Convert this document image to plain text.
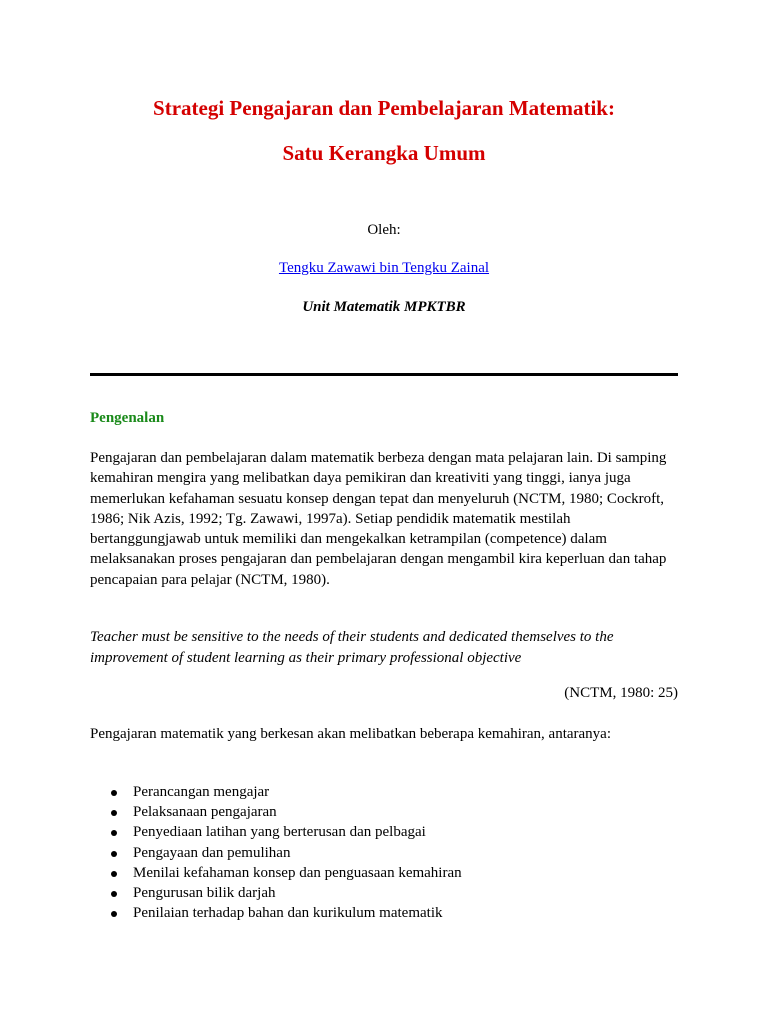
Strategi Pengajaran dan Pembelajaran Matematik:
Satu Kerangka Umum
Oleh:
Tengku Zawawi bin Tengku Zainal
Unit Matematik MPKTBR
Pengenalan
Pengajaran dan pembelajaran dalam matematik berbeza dengan mata pelajaran lain. Di samping kemahiran mengira yang melibatkan daya pemikiran dan kreativiti yang tinggi, ianya juga memerlukan kefahaman sesuatu konsep dengan tepat dan menyeluruh (NCTM, 1980; Cockroft, 1986; Nik Azis, 1992; Tg. Zawawi, 1997a). Setiap pendidik matematik mestilah bertanggungjawab untuk memiliki dan mengekalkan ketrampilan (competence) dalam melaksanakan proses pengajaran dan pembelajaran dengan mengambil kira keperluan dan tahap pencapaian para pelajar (NCTM, 1980).
Teacher must be sensitive to the needs of their students and dedicated themselves to the improvement of student learning as their primary professional objective
(NCTM, 1980: 25)
Pengajaran matematik yang berkesan akan melibatkan beberapa kemahiran, antaranya:
Perancangan mengajar
Pelaksanaan pengajaran
Penyediaan latihan yang berterusan dan pelbagai
Pengayaan dan pemulihan
Menilai kefahaman konsep dan penguasaan kemahiran
Pengurusan bilik darjah
Penilaian terhadap bahan dan kurikulum matematik
